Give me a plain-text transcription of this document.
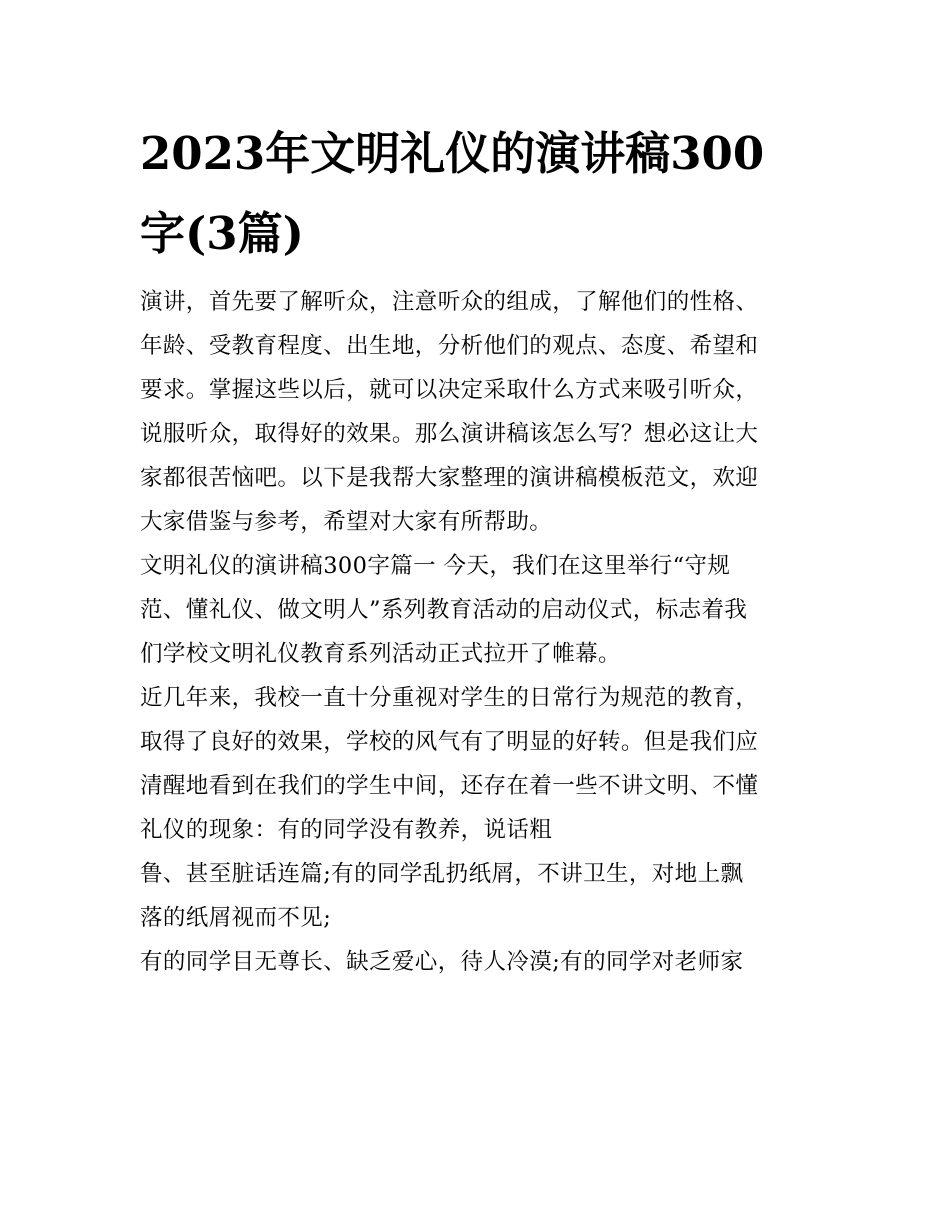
2023年文明礼仪的演讲稿300
字(3篇)
演讲，首先要了解听众，注意听众的组成，了解他们的性格、
年龄、受教育程度、出生地，分析他们的观点、态度、希望和
要求。掌握这些以后，就可以决定采取什么方式来吸引听众，
说服听众，取得好的效果。那么演讲稿该怎么写？想必这让大
家都很苦恼吧。以下是我帮大家整理的演讲稿模板范文，欢迎
大家借鉴与参考，希望对大家有所帮助。
文明礼仪的演讲稿300字篇一 今天，我们在这里举行“守规
范、懂礼仪、做文明人”系列教育活动的启动仪式，标志着我
们学校文明礼仪教育系列活动正式拉开了帷幕。
近几年来，我校一直十分重视对学生的日常行为规范的教育，
取得了良好的效果，学校的风气有了明显的好转。但是我们应
清醒地看到在我们的学生中间，还存在着一些不讲文明、不懂
礼仪的现象：有的同学没有教养，说话粗
鲁、甚至脏话连篇;有的同学乱扔纸屑，不讲卫生，对地上飘
落的纸屑视而不见;
有的同学目无尊长、缺乏爱心，待人冷漠;有的同学对老师家
